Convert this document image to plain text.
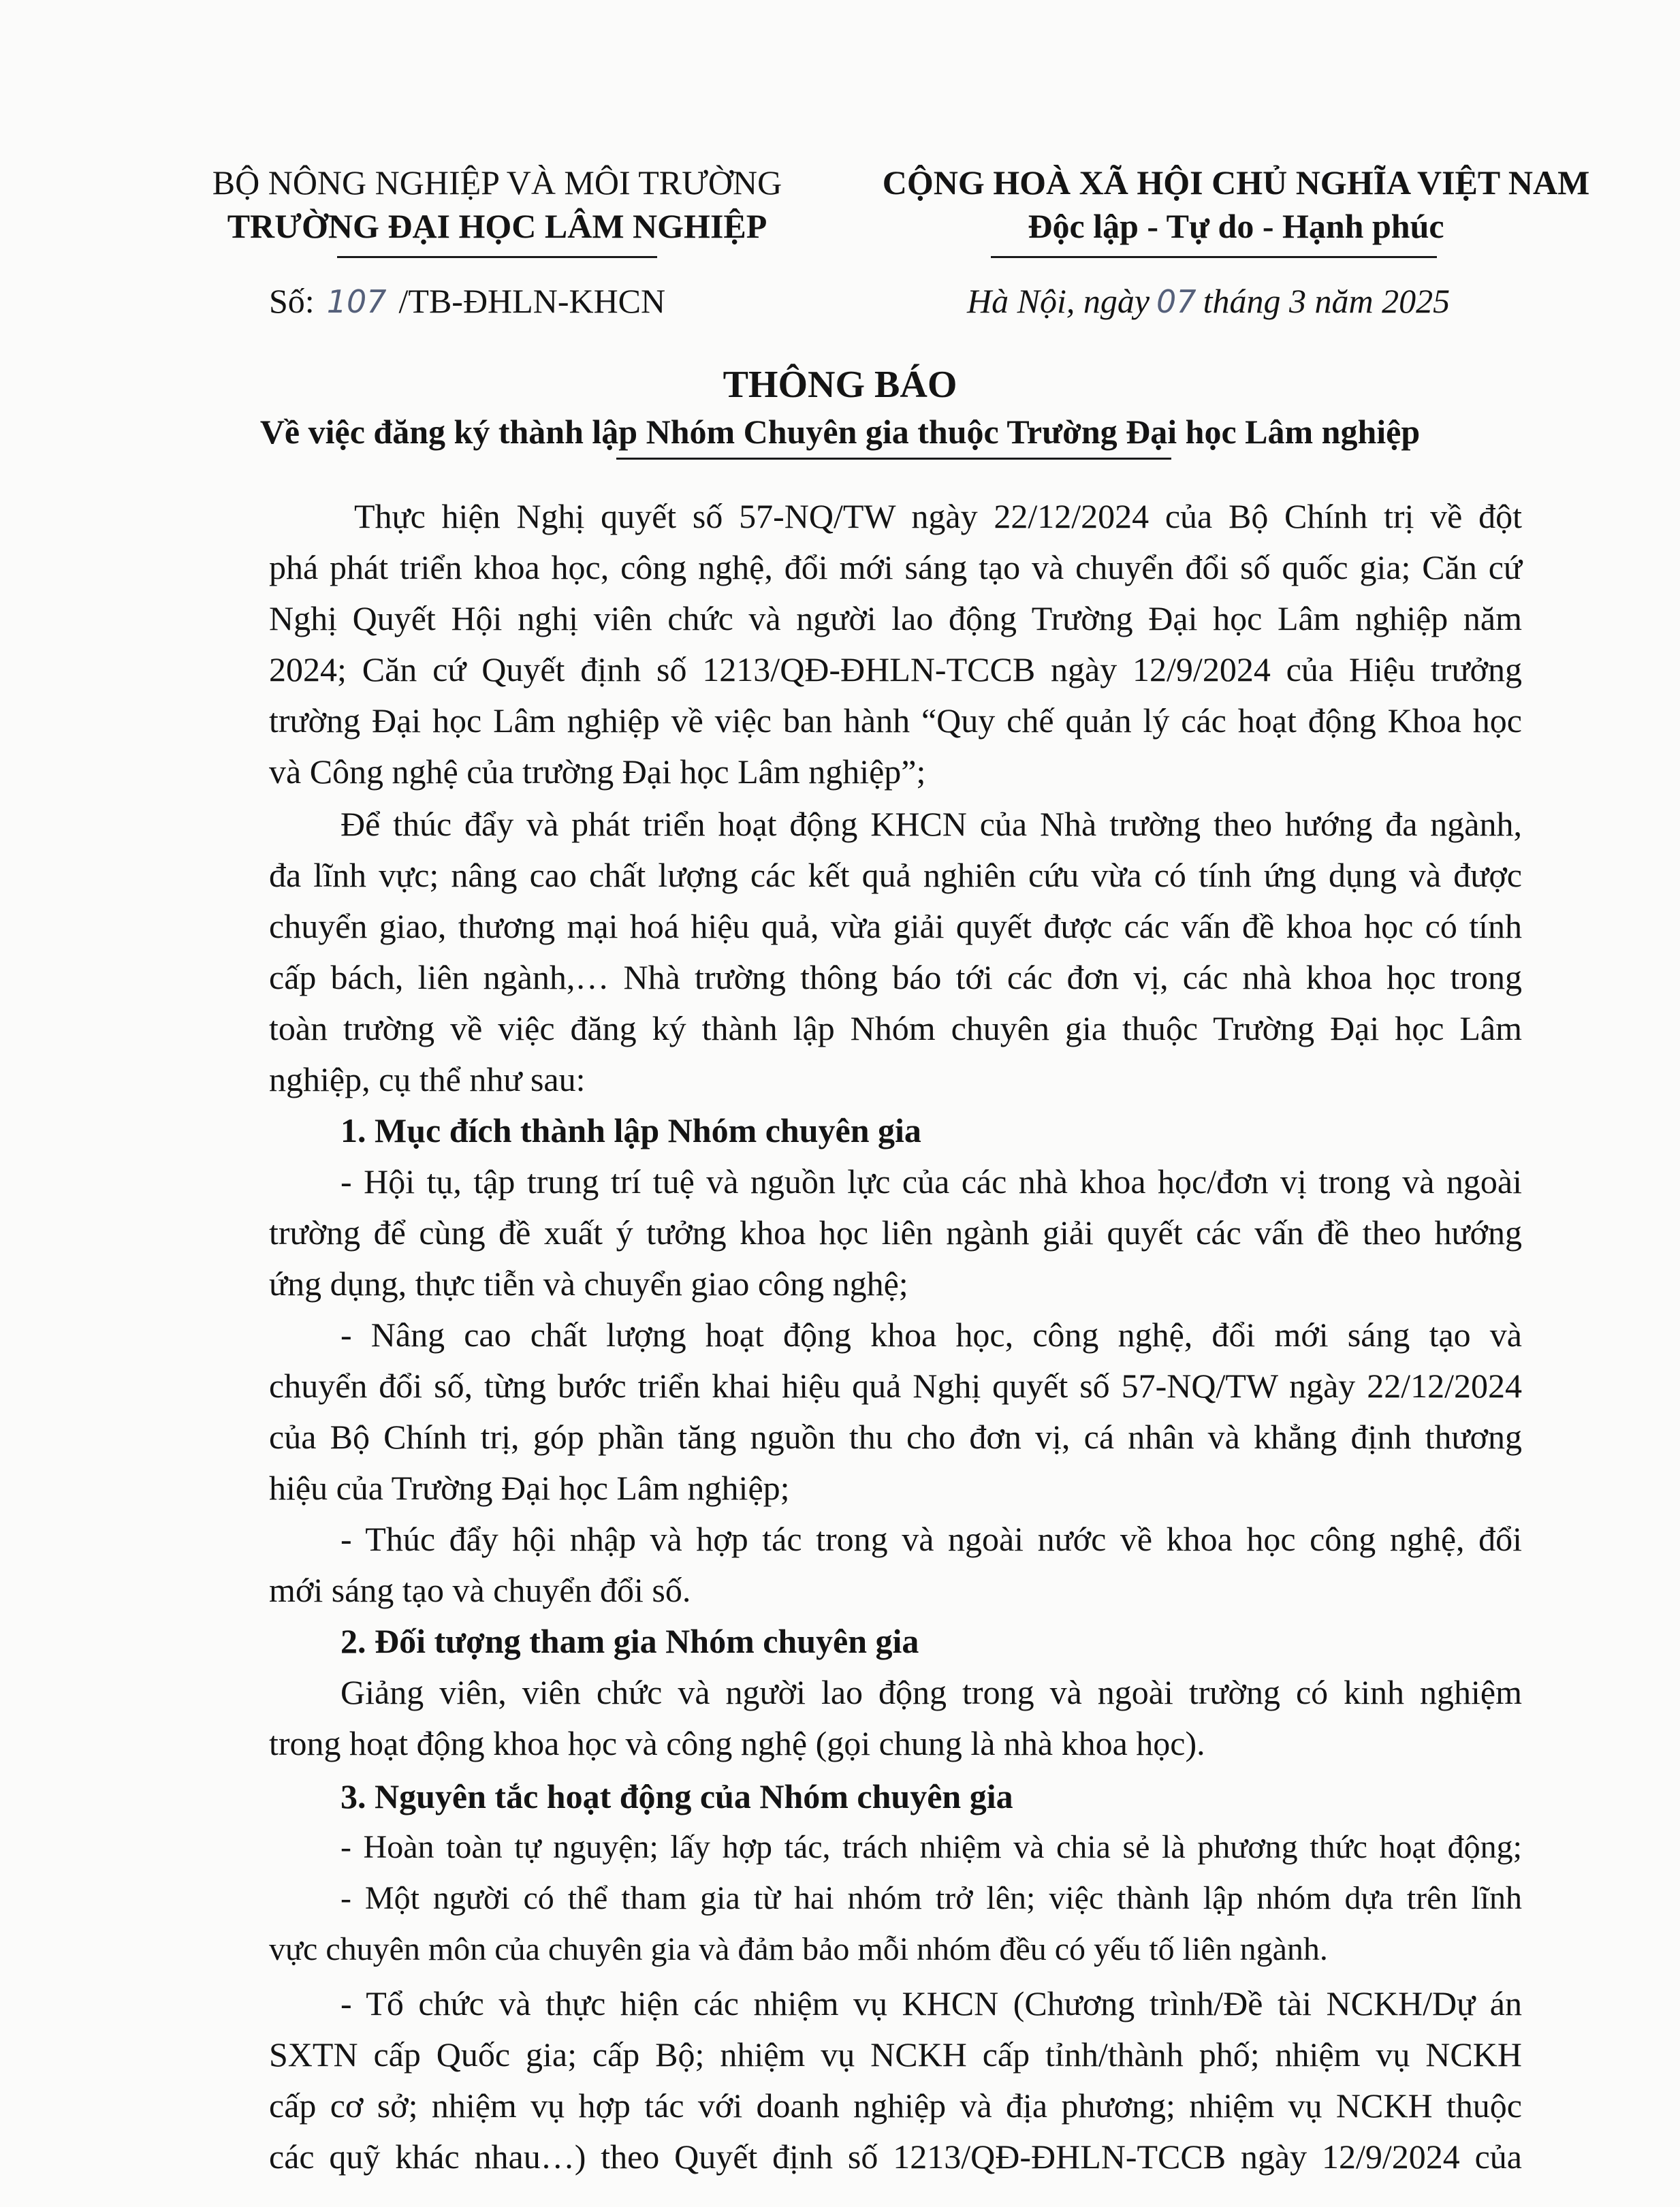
BỘ NÔNG NGHIỆP VÀ MÔI TRƯỜNG
TRƯỜNG ĐẠI HỌC LÂM NGHIỆP
CỘNG HOÀ XÃ HỘI CHỦ NGHĨA VIỆT NAM
Độc lập - Tự do - Hạnh phúc
Số: 107 /TB-ĐHLN-KHCN	Hà Nội, ngày 07 tháng 3 năm 2025
THÔNG BÁO
Về việc đăng ký thành lập Nhóm Chuyên gia thuộc Trường Đại học Lâm nghiệp
Thực hiện Nghị quyết số 57-NQ/TW ngày 22/12/2024 của Bộ Chính trị về đột
phá phát triển khoa học, công nghệ, đổi mới sáng tạo và chuyển đổi số quốc gia; Căn cứ
Nghị Quyết Hội nghị viên chức và người lao động Trường Đại học Lâm nghiệp năm
2024; Căn cứ Quyết định số 1213/QĐ-ĐHLN-TCCB ngày 12/9/2024 của Hiệu trưởng
trường Đại học Lâm nghiệp về việc ban hành “Quy chế quản lý các hoạt động Khoa học
và Công nghệ của trường Đại học Lâm nghiệp”;
Để thúc đẩy và phát triển hoạt động KHCN của Nhà trường theo hướng đa ngành,
đa lĩnh vực; nâng cao chất lượng các kết quả nghiên cứu vừa có tính ứng dụng và được
chuyển giao, thương mại hoá hiệu quả, vừa giải quyết được các vấn đề khoa học có tính
cấp bách, liên ngành,… Nhà trường thông báo tới các đơn vị, các nhà khoa học trong
toàn trường về việc đăng ký thành lập Nhóm chuyên gia thuộc Trường Đại học Lâm
nghiệp, cụ thể như sau:
1. Mục đích thành lập Nhóm chuyên gia
- Hội tụ, tập trung trí tuệ và nguồn lực của các nhà khoa học/đơn vị trong và ngoài
trường để cùng đề xuất ý tưởng khoa học liên ngành giải quyết các vấn đề theo hướng
ứng dụng, thực tiễn và chuyển giao công nghệ;
- Nâng cao chất lượng hoạt động khoa học, công nghệ, đổi mới sáng tạo và
chuyển đổi số, từng bước triển khai hiệu quả Nghị quyết số 57-NQ/TW ngày 22/12/2024
của Bộ Chính trị, góp phần tăng nguồn thu cho đơn vị, cá nhân và khẳng định thương
hiệu của Trường Đại học Lâm nghiệp;
- Thúc đẩy hội nhập và hợp tác trong và ngoài nước về khoa học công nghệ, đổi
mới sáng tạo và chuyển đổi số.
2. Đối tượng tham gia Nhóm chuyên gia
Giảng viên, viên chức và người lao động trong và ngoài trường có kinh nghiệm
trong hoạt động khoa học và công nghệ (gọi chung là nhà khoa học).
3. Nguyên tắc hoạt động của Nhóm chuyên gia
- Hoàn toàn tự nguyện; lấy hợp tác, trách nhiệm và chia sẻ là phương thức hoạt động;
- Một người có thể tham gia từ hai nhóm trở lên; việc thành lập nhóm dựa trên lĩnh
vực chuyên môn của chuyên gia và đảm bảo mỗi nhóm đều có yếu tố liên ngành.
- Tổ chức và thực hiện các nhiệm vụ KHCN (Chương trình/Đề tài NCKH/Dự án
SXTN cấp Quốc gia; cấp Bộ; nhiệm vụ NCKH cấp tỉnh/thành phố; nhiệm vụ NCKH
cấp cơ sở; nhiệm vụ hợp tác với doanh nghiệp và địa phương; nhiệm vụ NCKH thuộc
các quỹ khác nhau…) theo Quyết định số 1213/QĐ-ĐHLN-TCCB ngày 12/9/2024 của
